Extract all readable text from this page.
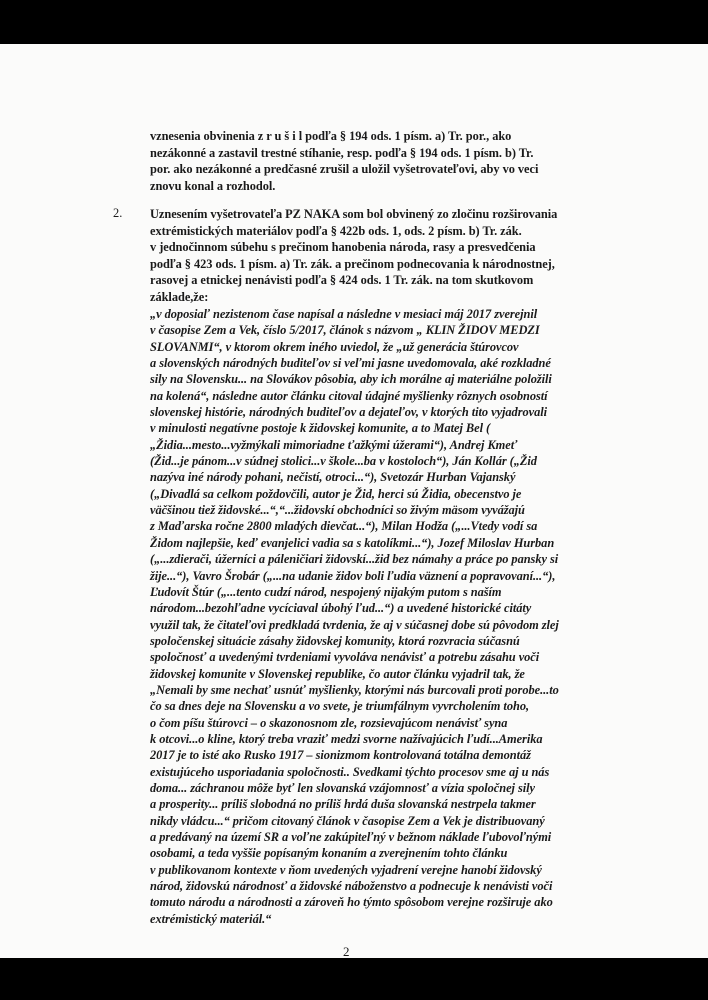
vznesenia obvinenia z r u š i l podľa § 194 ods. 1 písm. a) Tr. por., ako
nezákonné a zastavil trestné stíhanie, resp. podľa § 194 ods. 1 písm. b) Tr.
por. ako nezákonné a predčasné zrušil a uložil vyšetrovateľovi, aby vo veci
znovu konal a rozhodol.
2. Uznesením vyšetrovateľa PZ NAKA som bol obvinený zo zločinu rozširovania
extrémistických materiálov podľa § 422b ods. 1, ods. 2 písm. b) Tr. zák.
v jednočinnom súbehu s prečinom hanobenia národa, rasy a presvedčenia
podľa § 423 ods. 1 písm. a) Tr. zák. a prečinom podnecovania k národnostnej,
rasovej a etnickej nenávisti podľa § 424 ods. 1 Tr. zák. na tom skutkovom
základe,že:
„v doposiaľ nezistenom čase napísal a následne v mesiaci máj 2017 zverejnil
v časopise Zem a Vek, číslo 5/2017, článok s názvom „ KLIN ŽIDOV MEDZI
SLOVANMI“, v ktorom okrem iného uviedol, že „už generácia štúrovcov
a slovenských národných buditeľov si veľmi jasne uvedomovala, aké rozkladné
sily na Slovensku... na Slovákov pôsobia, aby ich morálne aj materiálne položili
na kolená“, následne autor článku citoval údajné myšlienky rôznych osobností
slovenskej histórie, národných buditeľov a dejateľov, v ktorých tito vyjadrovali
v minulosti negatívne postoje k židovskej komunite, a to Matej Bel (
„Židia...mesto...vyžmýkali mimoriadne ťažkými úžerami“), Andrej Kmeť
(Žid...je pánom...v súdnej stolici...v škole...ba v kostoloch“), Ján Kollár („Žid
nazýva iné národy pohani, nečistí, otroci...“), Svetozár Hurban Vajanský
(„Divadlá sa celkom poždovčili, autor je Žid, herci sú Židia, obecenstvo je
väčšinou tiež židovské...“,“...židovskí obchodníci so živým mäsom vyvážajú
z Maďarska ročne 2800 mladých dievčat...“), Milan Hodža („...Vtedy vodí sa
Židom najlepšie, keď evanjelici vadia sa s katolíkmi...“), Jozef Miloslav Hurban
(„...zdierači, úžerníci a páleničiari židovskí...žid bez námahy a práce po pansky si
žije...“), Vavro Šrobár („...na udanie židov boli ľudia väznení a popravovaní...“),
Ľudovít Štúr („...tento cudzí národ, nespojený nijakým putom s naším
národom...bezohľadne vycíciaval úbohý ľud...“) a uvedené historické citáty
využil tak, že čitateľovi predkladá tvrdenia, že aj v súčasnej dobe sú pôvodom zlej
spoločenskej situácie zásahy židovskej komunity, ktorá rozvracia súčasnú
spoločnosť a uvedenými tvrdeniami vyvoláva nenávisť a potrebu zásahu voči
židovskej komunite v Slovenskej republike, čo autor článku vyjadril tak, že
„Nemali by sme nechať usnúť myšlienky, ktorými nás burcovali proti porobe...to
čo sa dnes deje na Slovensku a vo svete, je triumfálnym vyvrcholením toho,
o čom píšu štúrovci – o skazonosnom zle, rozsievajúcom nenávisť syna
k otcovi...o kline, ktorý treba vraziť medzi svorne nažívajúcich ľudí...Amerika
2017 je to isté ako Rusko 1917 – sionizmom kontrolovaná totálna demontáž
existujúceho usporiadania spoločnosti.. Svedkami týchto procesov sme aj u nás
doma... záchranou môže byť len slovanská vzájomnosť a vízia spoločnej sily
a prosperity... príliš slobodná no príliš hrdá duša slovanská nestrpela takmer
nikdy vládcu...“ pričom citovaný článok v časopise Zem a Vek je distribuovaný
a predávaný na území SR a voľne zakúpiteľný v bežnom náklade ľubovoľnými
osobami, a teda vyššie popísaným konaním a zverejnením tohto článku
v publikovanom kontexte v ňom uvedených vyjadrení verejne hanobí židovský
národ, židovskú národnosť a židovské náboženstvo a podnecuje k nenávisti voči
tomuto národu a národnosti a zároveň ho týmto spôsobom verejne rozširuje ako
extrémistický materiál.“
2
